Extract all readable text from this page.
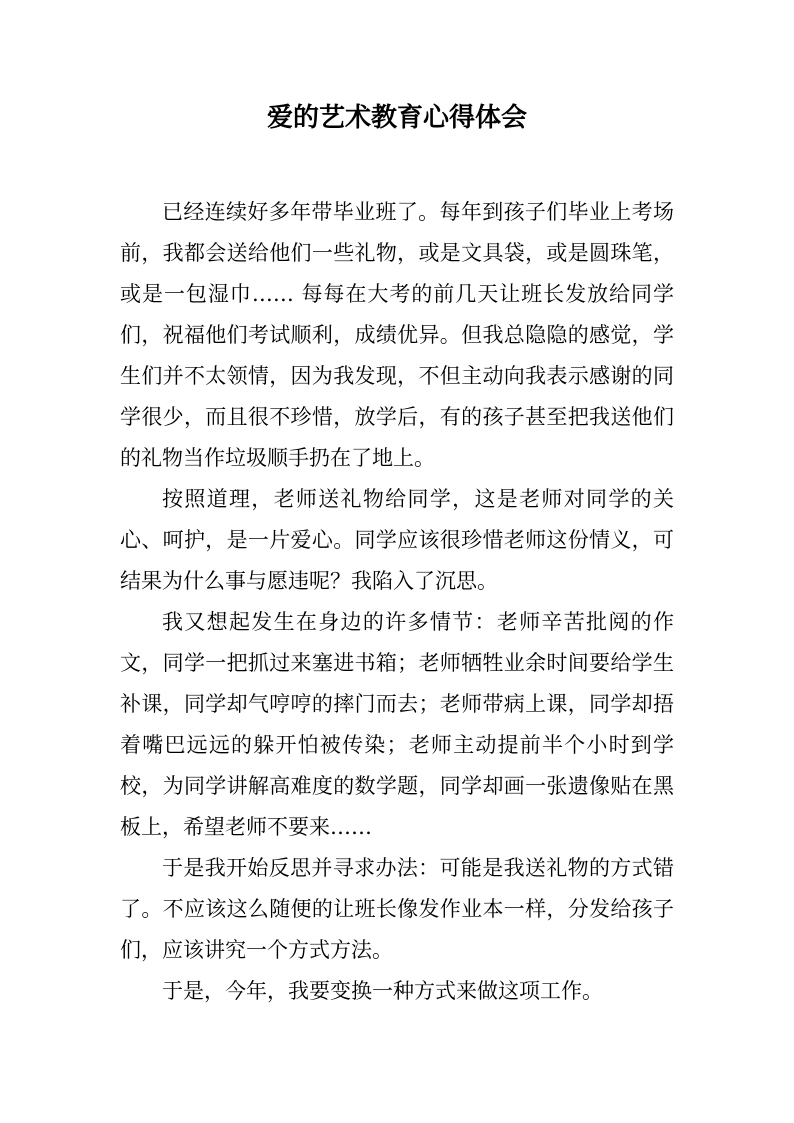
爱的艺术教育心得体会

已经连续好多年带毕业班了。每年到孩子们毕业上考场前，我都会送给他们一些礼物，或是文具袋，或是圆珠笔，或是一包湿巾…… 每每在大考的前几天让班长发放给同学们，祝福他们考试顺利，成绩优异。但我总隐隐的感觉，学生们并不太领情，因为我发现，不但主动向我表示感谢的同学很少，而且很不珍惜，放学后，有的孩子甚至把我送他们的礼物当作垃圾顺手扔在了地上。

按照道理，老师送礼物给同学，这是老师对同学的关心、呵护，是一片爱心。同学应该很珍惜老师这份情义，可结果为什么事与愿违呢？我陷入了沉思。

我又想起发生在身边的许多情节：老师辛苦批阅的作文，同学一把抓过来塞进书箱；老师牺牲业余时间要给学生补课，同学却气哼哼的摔门而去；老师带病上课，同学却捂着嘴巴远远的躲开怕被传染；老师主动提前半个小时到学校，为同学讲解高难度的数学题，同学却画一张遗像贴在黑板上，希望老师不要来……

于是我开始反思并寻求办法：可能是我送礼物的方式错了。不应该这么随便的让班长像发作业本一样，分发给孩子们，应该讲究一个方式方法。

于是，今年，我要变换一种方式来做这项工作。
